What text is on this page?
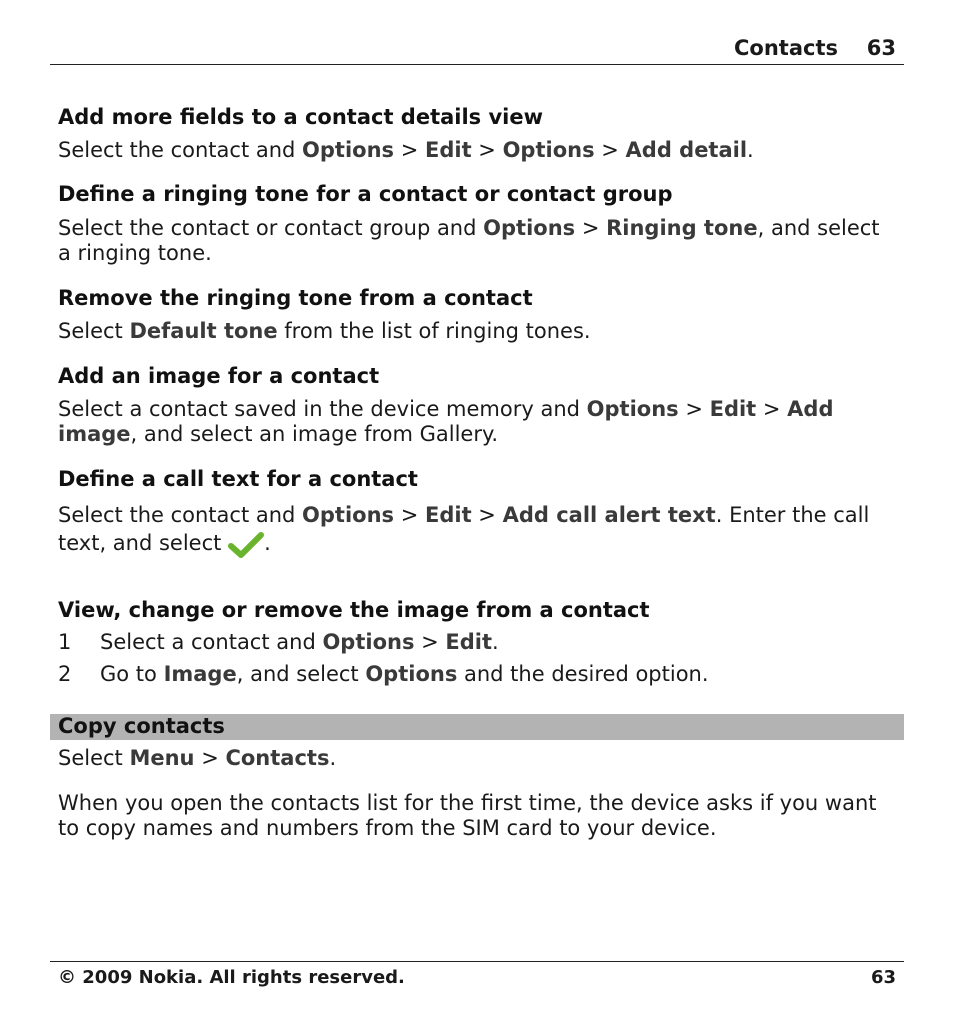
Contacts 63
Add more fields to a contact details view
Select the contact and Options > Edit > Options > Add detail.
Define a ringing tone for a contact or contact group
Select the contact or contact group and Options > Ringing tone, and select a ringing tone.
Remove the ringing tone from a contact
Select Default tone from the list of ringing tones.
Add an image for a contact
Select a contact saved in the device memory and Options > Edit > Add image, and select an image from Gallery.
Define a call text for a contact
Select the contact and Options > Edit > Add call alert text. Enter the call text, and select .
View, change or remove the image from a contact
1 Select a contact and Options > Edit.
2 Go to Image, and select Options and the desired option.
Copy contacts
Select Menu > Contacts.
When you open the contacts list for the first time, the device asks if you want to copy names and numbers from the SIM card to your device.
© 2009 Nokia. All rights reserved.	63
